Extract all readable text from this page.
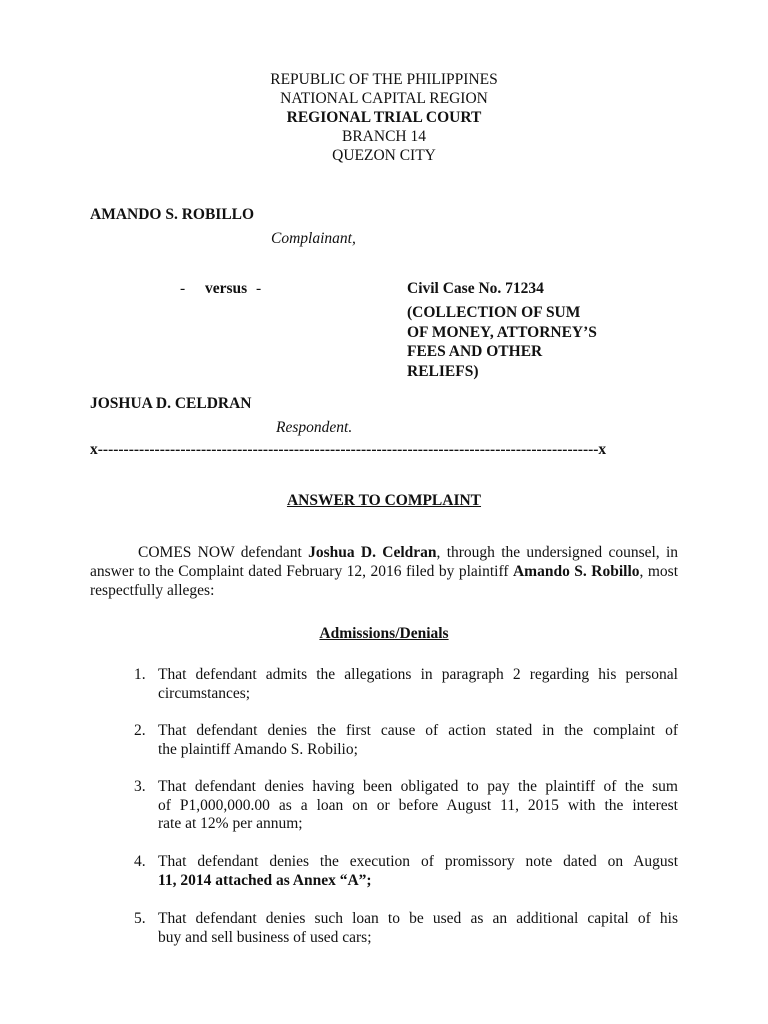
REPUBLIC OF THE PHILIPPINES
NATIONAL CAPITAL REGION
REGIONAL TRIAL COURT
BRANCH 14
QUEZON CITY
AMANDO S. ROBILLO
Complainant,
- versus -	Civil Case No. 71234
(COLLECTION OF SUM
OF MONEY, ATTORNEY’S
FEES AND OTHER
RELIEFS)
JOSHUA D. CELDRAN
Respondent.
x-------------------------------------------------------------------------------------------------x
ANSWER TO COMPLAINT

COMES NOW defendant Joshua D. Celdran, through the undersigned counsel, in answer to the Complaint dated February 12, 2016 filed by plaintiff Amando S. Robillo, most respectfully alleges:

Admissions/Denials
1. That defendant admits the allegations in paragraph 2 regarding his personal
circumstances;
2. That defendant denies the first cause of action stated in the complaint of
the plaintiff Amando S. Robilio;
3. That defendant denies having been obligated to pay the plaintiff of the sum
of P1,000,000.00 as a loan on or before August 11, 2015 with the interest
rate at 12% per annum;
4. That defendant denies the execution of promissory note dated on August
11, 2014 attached as Annex “A”;
5. That defendant denies such loan to be used as an additional capital of his
buy and sell business of used cars;
